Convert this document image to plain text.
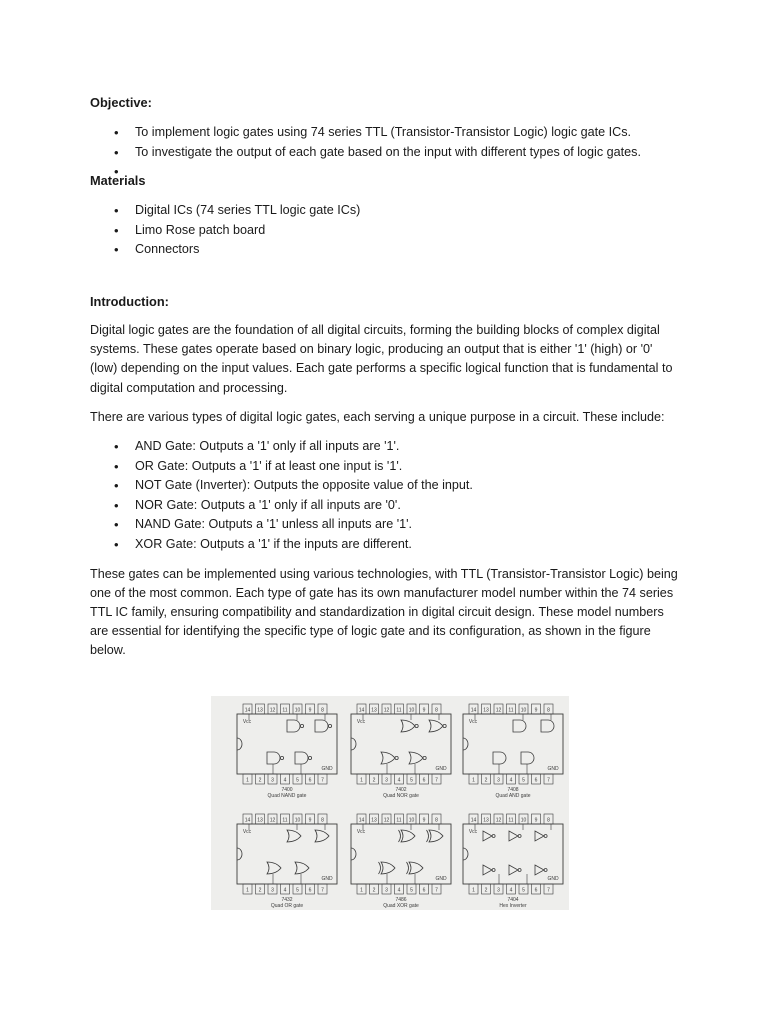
Objective:
• To implement logic gates using 74 series TTL (Transistor-Transistor Logic) logic gate ICs.
• To investigate the output of each gate based on the input with different types of logic gates.
Materials
• Digital ICs (74 series TTL logic gate ICs)
• Limo Rose patch board
• Connectors
Introduction:

Digital logic gates are the foundation of all digital circuits, forming the building blocks of complex digital systems. These gates operate based on binary logic, producing an output that is either '1' (high) or '0' (low) depending on the input values. Each gate performs a specific logical function that is fundamental to digital computation and processing.

There are various types of digital logic gates, each serving a unique purpose in a circuit. These include:

• AND Gate: Outputs a '1' only if all inputs are '1'.
• OR Gate: Outputs a '1' if at least one input is '1'.
• NOT Gate (Inverter): Outputs the opposite value of the input.
• NOR Gate: Outputs a '1' only if all inputs are '0'.
• NAND Gate: Outputs a '1' unless all inputs are '1'.
• XOR Gate: Outputs a '1' if the inputs are different.

These gates can be implemented using various technologies, with TTL (Transistor-Transistor Logic) being one of the most common. Each type of gate has its own manufacturer model number within the 74 series TTL IC family, ensuring compatibility and standardization in digital circuit design. These model numbers are essential for identifying the specific type of logic gate and its configuration, as shown in the figure below.

14
1
13
2
12
3
11
4
10
5
9
6
8
7
Vcc
GND
7400
Quad NAND gate
14
1
13
2
12
3
11
4
10
5
9
6
8
7
Vcc
GND
7402
Quad NOR gate
14
1
13
2
12
3
11
4
10
5
9
6
8
7
Vcc
GND
7408
Quad AND gate
14
1
13
2
12
3
11
4
10
5
9
6
8
7
Vcc
GND
7432
Quad OR gate
14
1
13
2
12
3
11
4
10
5
9
6
8
7
Vcc
GND
7486
Quad XOR gate
14
1
13
2
12
3
11
4
10
5
9
6
8
7
Vcc
GND
7404
Hex Inverter
